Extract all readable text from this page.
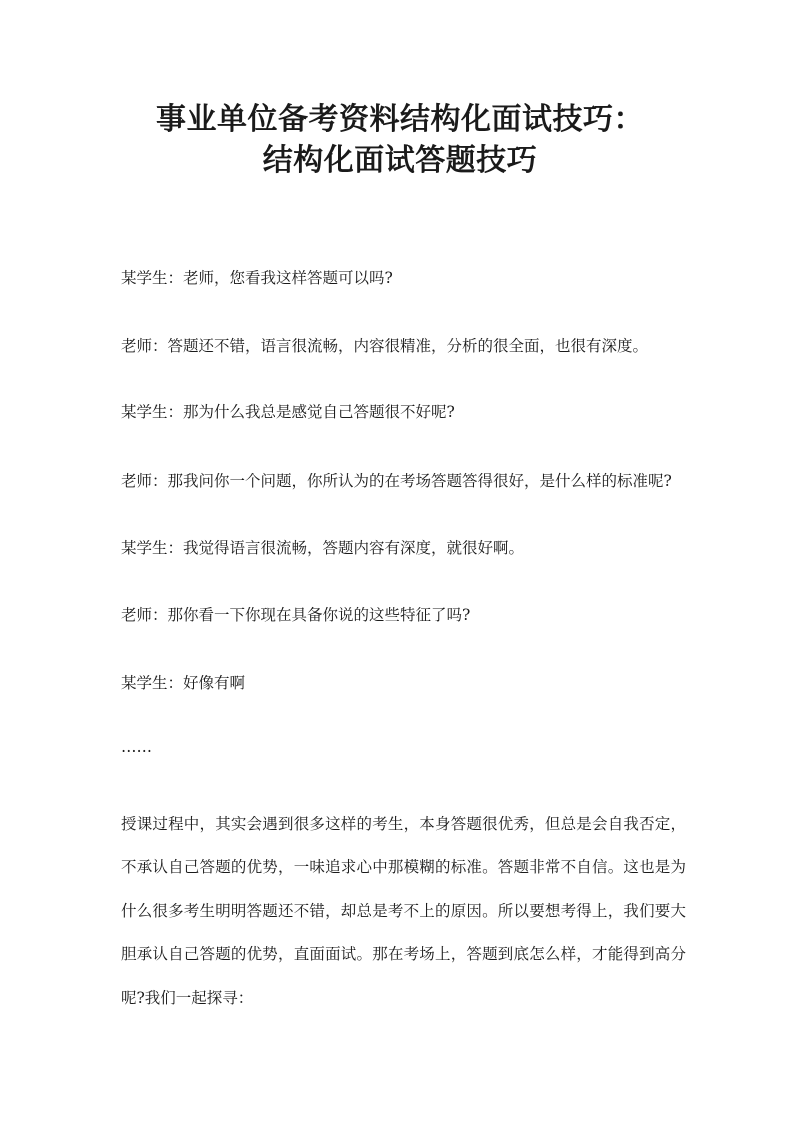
事业单位备考资料结构化面试技巧：
结构化面试答题技巧

某学生：老师，您看我这样答题可以吗?

老师：答题还不错，语言很流畅，内容很精准，分析的很全面，也很有深度。

某学生：那为什么我总是感觉自己答题很不好呢?

老师：那我问你一个问题，你所认为的在考场答题答得很好，是什么样的标准呢?

某学生：我觉得语言很流畅，答题内容有深度，就很好啊。

老师：那你看一下你现在具备你说的这些特征了吗?

某学生：好像有啊

……

授课过程中，其实会遇到很多这样的考生，本身答题很优秀，但总是会自我否定，不承认自己答题的优势，一味追求心中那模糊的标准。答题非常不自信。这也是为什么很多考生明明答题还不错，却总是考不上的原因。所以要想考得上，我们要大胆承认自己答题的优势，直面面试。那在考场上，答题到底怎么样，才能得到高分呢?我们一起探寻：
